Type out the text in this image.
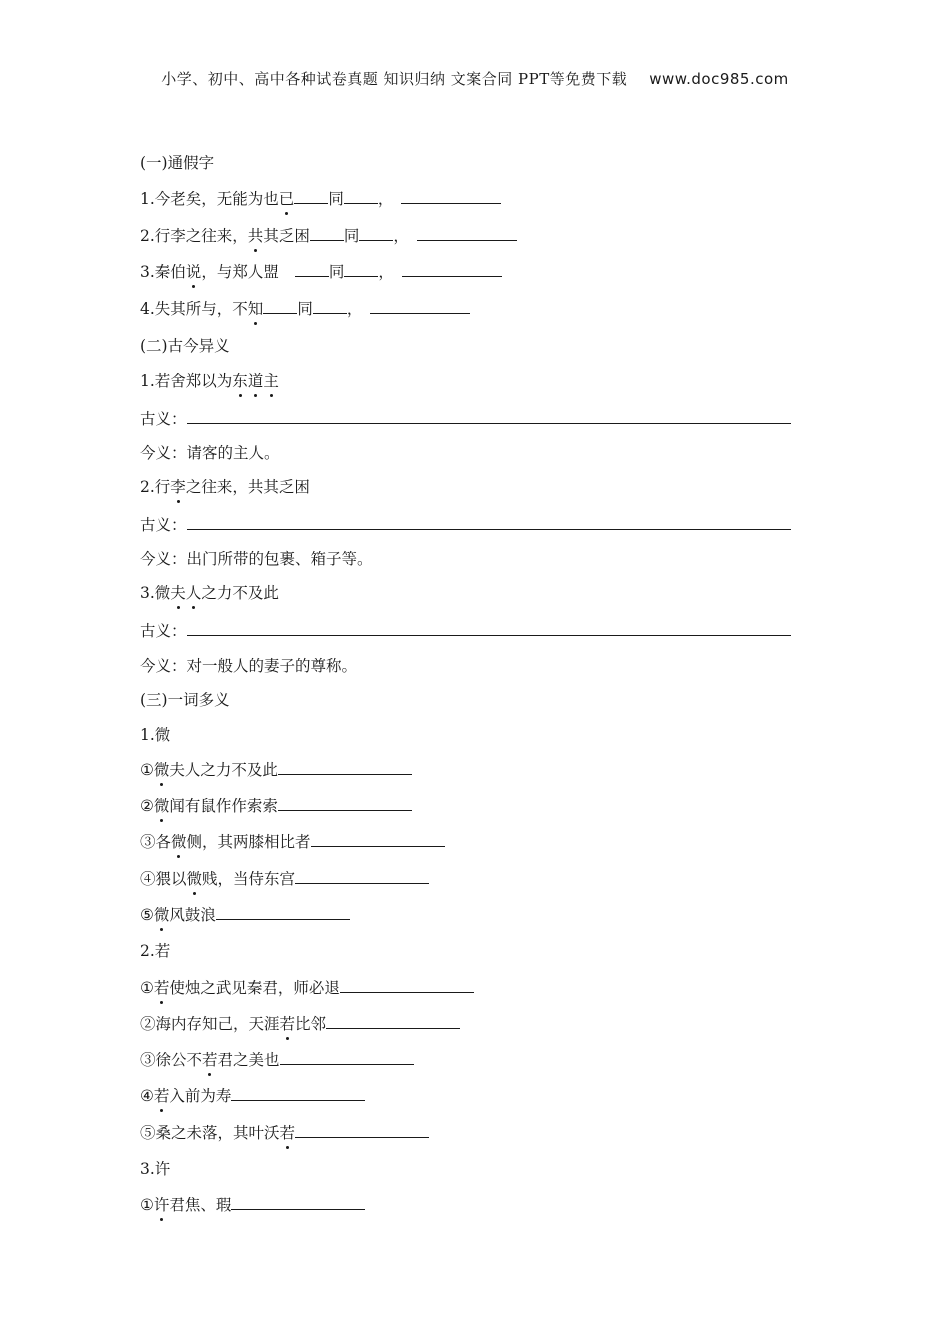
小学、初中、高中各种试卷真题 知识归纳 文案合同 PPT等免费下载 www.doc985.com
(一)通假字
1.今老矣，无能为也已 同 ，
2.行李之往来，共其乏困 同 ，
3.秦伯说，与郑人盟	同 ，
4.失其所与，不知 同 ，
(二)古今异义
1.若舍郑以为东道主
古义：
今义：请客的主人。
2.行李之往来，共其乏困
古义：
今义：出门所带的包裹、箱子等。
3.微夫人之力不及此
古义：
今义：对一般人的妻子的尊称。
(三)一词多义
1.微
①微夫人之力不及此
②微闻有鼠作作索索
③各微侧，其两膝相比者
④猥以微贱，当侍东宫
⑤微风鼓浪
2.若
①若使烛之武见秦君，师必退
②海内存知己，天涯若比邻
③徐公不若君之美也
④若入前为寿
⑤桑之未落，其叶沃若
3.许
①许君焦、瑕
